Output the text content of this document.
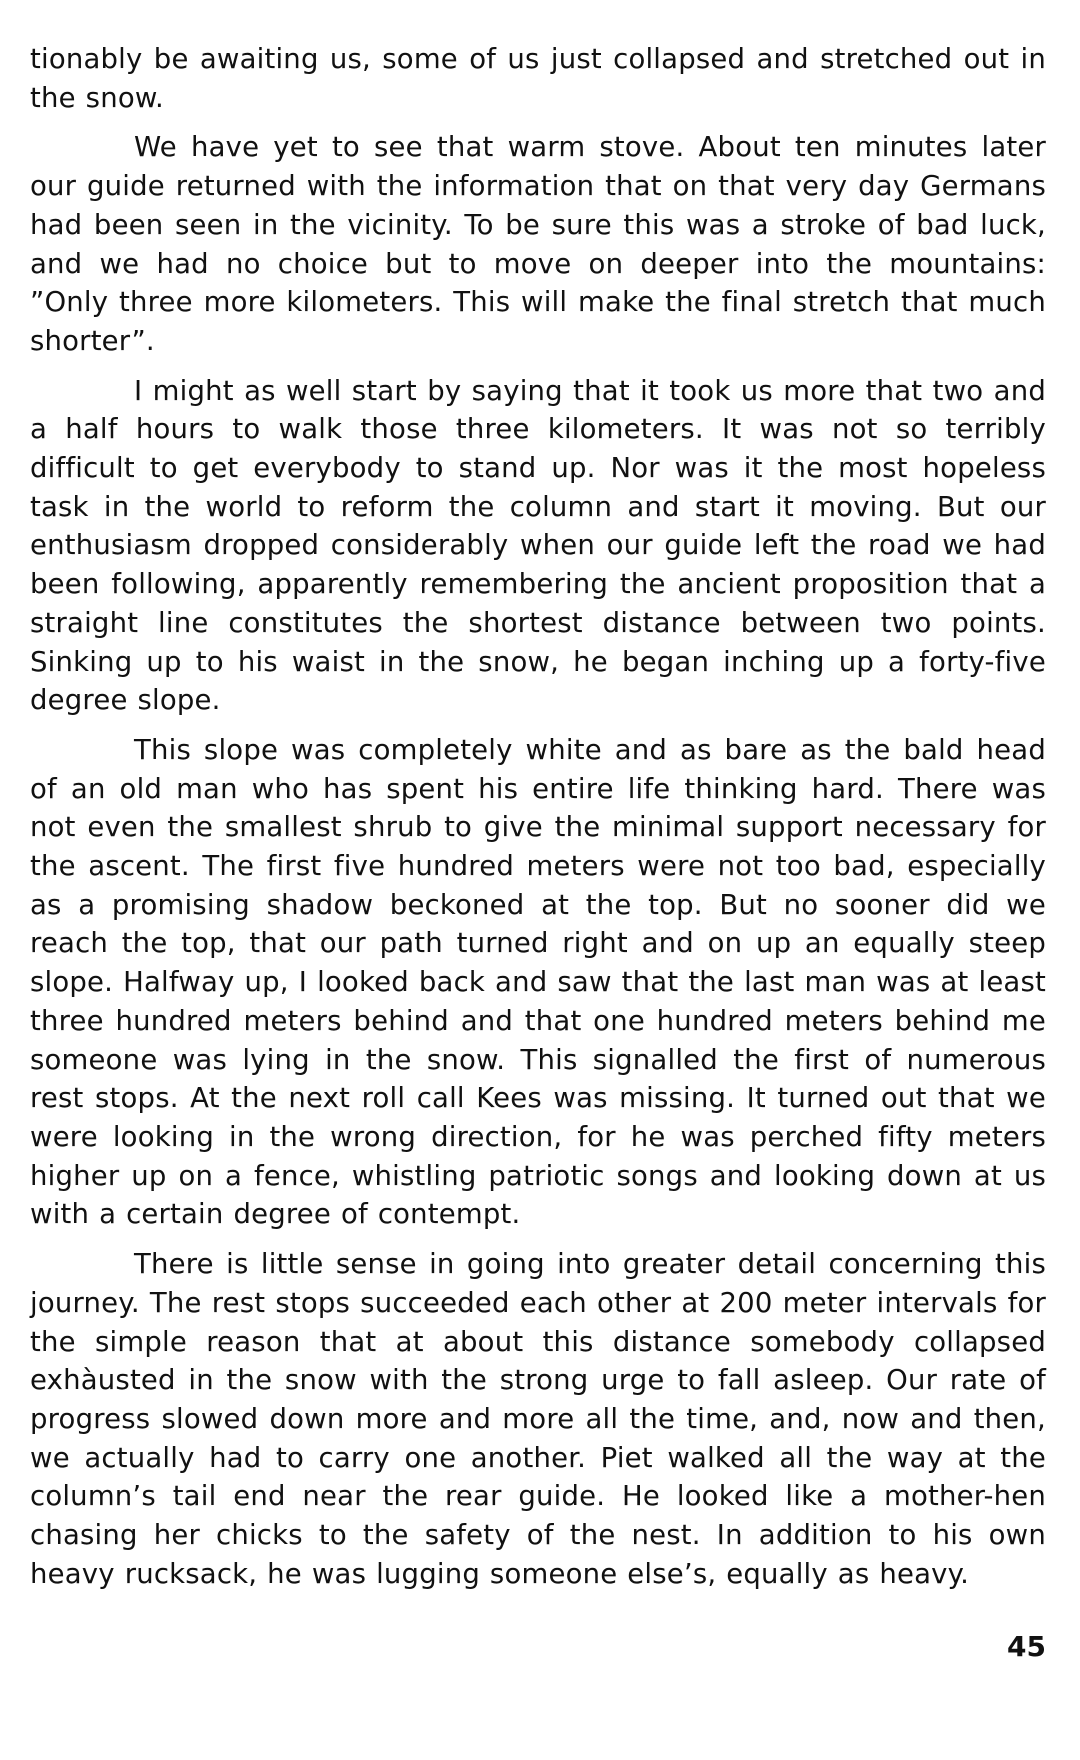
tionably be awaiting us, some of us just collapsed and stretched out in the snow.

We have yet to see that warm stove. About ten minutes later our guide returned with the information that on that very day Germans had been seen in the vicinity. To be sure this was a stroke of bad luck, and we had no choice but to move on deeper into the mountains: ”Only three more kilometers. This will make the final stretch that much shorter”.

I might as well start by saying that it took us more that two and a half hours to walk those three kilometers. It was not so terribly difficult to get everybody to stand up. Nor was it the most hopeless task in the world to reform the column and start it moving. But our enthusiasm dropped considerably when our guide left the road we had been following, apparently remembering the ancient proposition that a straight line constitutes the shortest distance between two points. Sinking up to his waist in the snow, he began inching up a forty-five degree slope.

This slope was completely white and as bare as the bald head of an old man who has spent his entire life thinking hard. There was not even the smallest shrub to give the minimal support necessary for the ascent. The first five hundred meters were not too bad, especially as a promising shadow beckoned at the top. But no sooner did we reach the top, that our path turned right and on up an equally steep slope. Halfway up, I looked back and saw that the last man was at least three hundred meters behind and that one hundred meters behind me someone was lying in the snow. This signalled the first of numerous rest stops. At the next roll call Kees was missing. It turned out that we were looking in the wrong direction, for he was perched fifty meters higher up on a fence, whistling patriotic songs and looking down at us with a certain degree of contempt.

There is little sense in going into greater detail concerning this journey. The rest stops succeeded each other at 200 meter intervals for the simple reason that at about this distance somebody collapsed exhàusted in the snow with the strong urge to fall asleep. Our rate of progress slowed down more and more all the time, and, now and then, we actually had to carry one another. Piet walked all the way at the column’s tail end near the rear guide. He looked like a mother-hen chasing her chicks to the safety of the nest. In addition to his own heavy rucksack, he was lugging someone else’s, equally as heavy.

45
